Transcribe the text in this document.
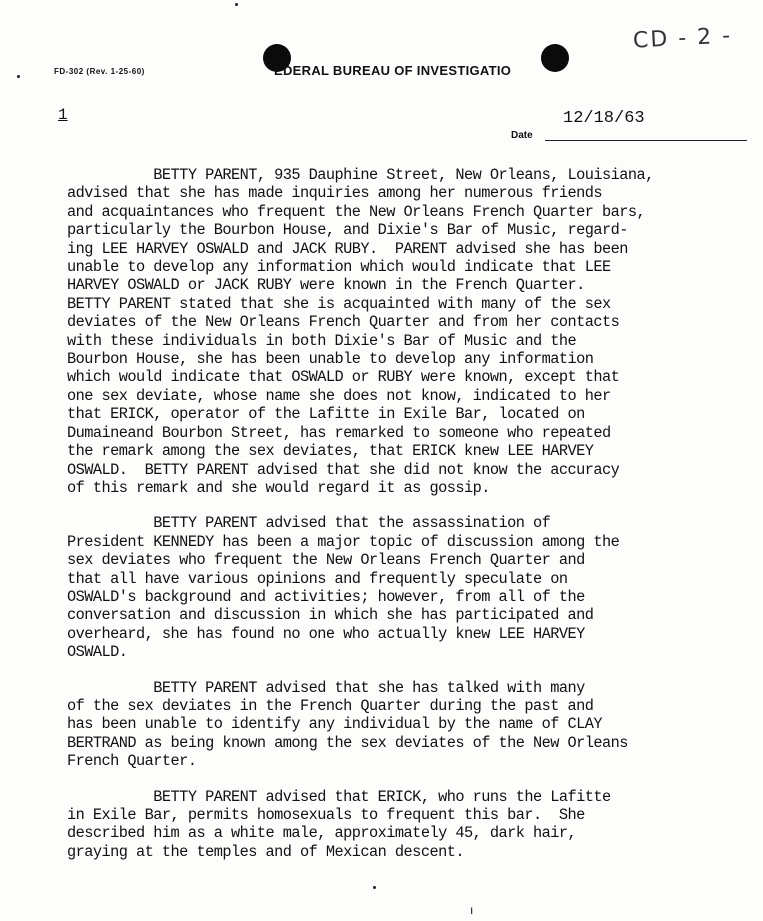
FD-302 (Rev. 1-25-60)	EDERAL BUREAU OF INVESTIGATIO
CD - 2 -
1	12/18/63
Date

BETTY PARENT, 935 Dauphine Street, New Orleans, Louisiana,
advised that she has made inquiries among her numerous friends
and acquaintances who frequent the New Orleans French Quarter bars,
particularly the Bourbon House, and Dixie's Bar of Music, regard-
ing LEE HARVEY OSWALD and JACK RUBY.  PARENT advised she has been
unable to develop any information which would indicate that LEE
HARVEY OSWALD or JACK RUBY were known in the French Quarter.
BETTY PARENT stated that she is acquainted with many of the sex
deviates of the New Orleans French Quarter and from her contacts
with these individuals in both Dixie's Bar of Music and the
Bourbon House, she has been unable to develop any information
which would indicate that OSWALD or RUBY were known, except that
one sex deviate, whose name she does not know, indicated to her
that ERICK, operator of the Lafitte in Exile Bar, located on
Dumaineand Bourbon Street, has remarked to someone who repeated
the remark among the sex deviates, that ERICK knew LEE HARVEY
OSWALD.  BETTY PARENT advised that she did not know the accuracy
of this remark and she would regard it as gossip.

BETTY PARENT advised that the assassination of
President KENNEDY has been a major topic of discussion among the
sex deviates who frequent the New Orleans French Quarter and
that all have various opinions and frequently speculate on
OSWALD's background and activities; however, from all of the
conversation and discussion in which she has participated and
overheard, she has found no one who actually knew LEE HARVEY
OSWALD.

BETTY PARENT advised that she has talked with many
of the sex deviates in the French Quarter during the past and
has been unable to identify any individual by the name of CLAY
BERTRAND as being known among the sex deviates of the New Orleans
French Quarter.

BETTY PARENT advised that ERICK, who runs the Lafitte
in Exile Bar, permits homosexuals to frequent this bar.  She
described him as a white male, approximately 45, dark hair,
graying at the temples and of Mexican descent.

ı
